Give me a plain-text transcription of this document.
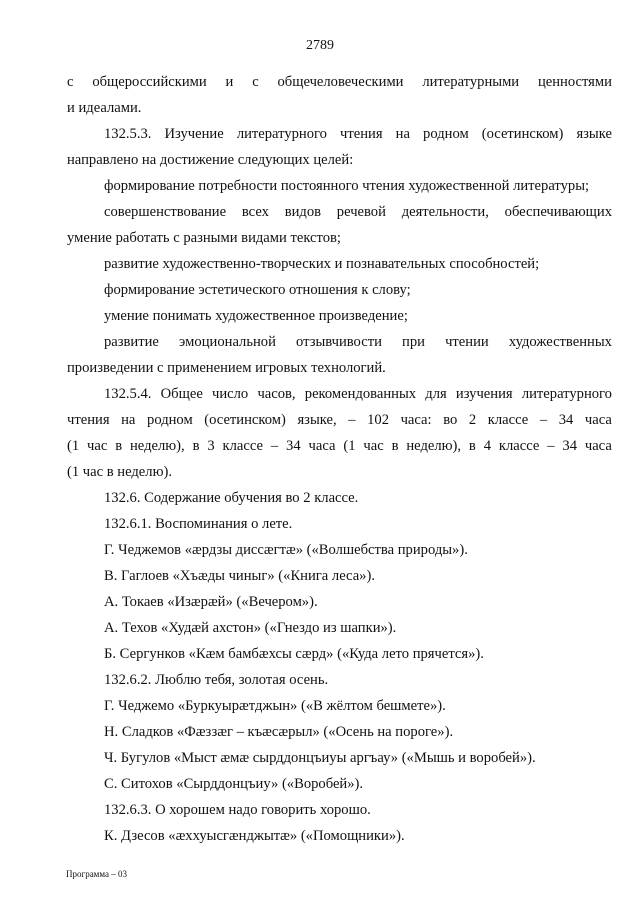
2789
с общероссийскими и с общечеловеческими литературными ценностями
и идеалами.
132.5.3. Изучение литературного чтения на родном (осетинском) языке
направлено на достижение следующих целей:
формирование потребности постоянного чтения художественной литературы;
совершенствование всех видов речевой деятельности, обеспечивающих
умение работать с разными видами текстов;
развитие художественно-творческих и познавательных способностей;
формирование эстетического отношения к слову;
умение понимать художественное произведение;
развитие эмоциональной отзывчивости при чтении художественных
произведении с применением игровых технологий.
132.5.4. Общее число часов, рекомендованных для изучения литературного
чтения на родном (осетинском) языке, – 102 часа: во 2 классе – 34 часа
(1 час в неделю), в 3 классе – 34 часа (1 час в неделю), в 4 классе – 34 часа
(1 час в неделю).
132.6. Содержание обучения во 2 классе.
132.6.1. Воспоминания о лете.
Г. Чеджемов «ӕрдзы диссӕгтӕ» («Волшебства природы»).
В. Гаглоев «Хъæды чиныг» («Книга леса»).
А. Токаев «Изæрæй» («Вечером»).
А. Техов «Худæй ахстон» («Гнездо из шапки»).
Б. Сергунков «Кæм бамбæхсы сæрд» («Куда лето прячется»).
132.6.2. Люблю тебя, золотая осень.
Г. Чеджемо «Буркуырæтджын» («В жёлтом бешмете»).
Н. Сладков «Фæззæг – къæсæрыл» («Осень на пороге»).
Ч. Бугулов «Мыст æмæ сырддонцъиуы аргъау» («Мышь и воробей»).
С. Ситохов «Сырддонцъиу» («Воробей»).
132.6.3. О хорошем надо говорить хорошо.
К. Дзесов «æххуысгæнджытæ» («Помощники»).
Программа – 03
